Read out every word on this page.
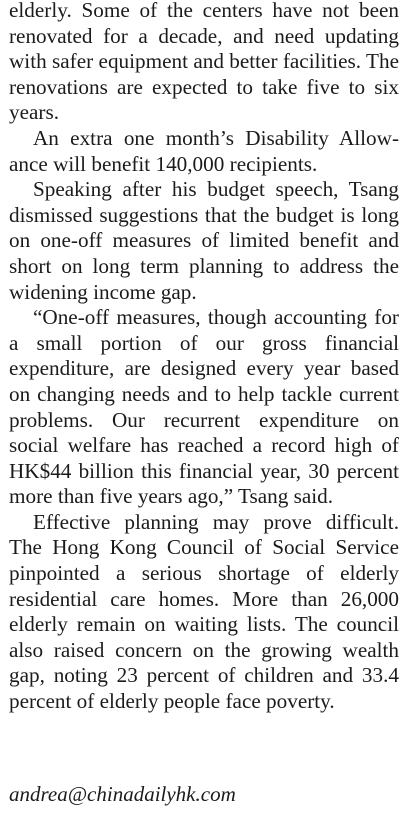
elderly. Some of the centers have not been renovated for a decade, and need updating with safer equipment and better facilities. The renovations are expected to take five to six years.

An extra one month’s Disability Allowance will benefit 140,000 recipients.

Speaking after his budget speech, Tsang dismissed suggestions that the budget is long on one-off measures of limited benefit and short on long term planning to address the widening income gap.

“One-off measures, though accounting for a small portion of our gross financial expenditure, are designed every year based on changing needs and to help tackle current problems. Our recurrent expenditure on social welfare has reached a record high of HK$44 billion this financial year, 30 percent more than five years ago,” Tsang said.

Effective planning may prove difficult. The Hong Kong Council of Social Service pinpointed a serious shortage of elderly residential care homes. More than 26,000 elderly remain on waiting lists. The council also raised concern on the growing wealth gap, noting 23 percent of children and 33.4 percent of elderly people face poverty.

andrea@chinadailyhk.com
